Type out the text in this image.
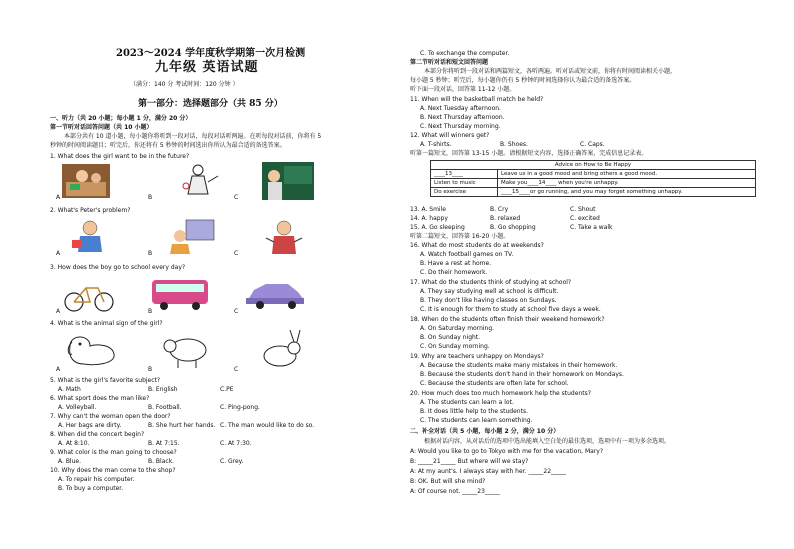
2023～2024 学年度秋学期第一次月检测
九年级 英语试题
（满分：140 分 考试时间：120 分钟 ）
第一部分：选择题部分（共 85 分）
一、听力（共 20 小题；每小题 1 分，满分 20 分）
第一节听对话回答问题（共 10 小题）
本部分共有 10 道小题，每小题你将听到一段对话，每段对话听两遍。在听每段对话前，你将有 5
秒钟的时间阅读题目；听完后，你还将有 5 秒钟的时间选出你所认为最合适的备选答案。
1. What does the girl want to be in the future?
A	B	C
2. What's Peter's problem?
A	B	C
3. How does the boy go to school every day?
A	B	C
4. What is the animal sign of the girl?
A	B	C
5. What is the girl's favorite subject?
A. Math	B. English	C.PE
6. What sport does the man like?
A. Volleyball.	B. Football.	C. Ping-pong.
7. Why can't the woman open the door?
A. Her bags are dirty.	B. She hurt her hands. C. The man would like to do so.
8. When did the concert begin?
A. At 8:10.	B. At 7:15.	C. At 7:30.
9. What color is the man going to choose?
A. Blue.	B. Black.	C. Grey.
10. Why does the man come to the shop?
A. To repair his computer.
B. To buy a computer.
C. To exchange the computer.
第二节听对话和短文回答问题
本部分你将听到一段对话和两篇短文，各听两遍。听对话或短文前，你将有时间阅读相关小题，
每小题 5 秒钟；听完后，每小题你仍有 5 秒钟的时间选择你认为最合适的备选答案。
听下面一段对话，回答第 11-12 小题。
11. When will the basketball match be held?
A. Next Tuesday afternoon.
B. Next Thursday afternoon.
C. Next Thursday morning.
12. What will winners get?
A. T-shirts.	B. Shoes.	C. Caps.
听第一篇短文，回答第 13-15 小题。请根据短文内容，选择正确答案，完成信息记录表。
Advice on How to Be Happy	
____13____	Leave us in a good mood and bring others a good mood.
Listen to music	Make you____14____ when you're unhappy.
Do exercise	____15____or go running, and you may forget something unhappy.
13. A. Smile	B. Cry	C. Shout
14. A. happy	B. relaxed	C. excited
15. A. Go sleeping	B. Go shopping	C. Take a walk
听第二篇短文，回答第 16-20 小题。
16. What do most students do at weekends?
A. Watch football games on TV.
B. Have a rest at home.
C. Do their homework.
17. What do the students think of studying at school?
A. They say studying well at school is difficult.
B. They don't like having classes on Sundays.
C. It is enough for them to study at school five days a week.
18. When do the students often finish their weekend homework?
A. On Saturday morning.
B. On Sunday night.
C. On Sunday morning.
19. Why are teachers unhappy on Mondays?
A. Because the students make many mistakes in their homework.
B. Because the students don't hand in their homework on Mondays.
C. Because the students are often late for school.
20. How much does too much homework help the students?
A. The students can learn a lot.
B. It does little help to the students.
C. The students can learn something.
二、补全对话（共 5 小题，每小题 2 分，满分 10 分）
根据对话内容，从对话后的选项中选出能填入空白处的最佳选项，选项中有一项为多余选项。
A: Would you like to go to Tokyo with me for the vacation, Mary?
B: _____21_____ But where will we stay?
A: At my aunt's. I always stay with her. _____22_____
B: OK. But will she mind?
A: Of course not. _____23_____
